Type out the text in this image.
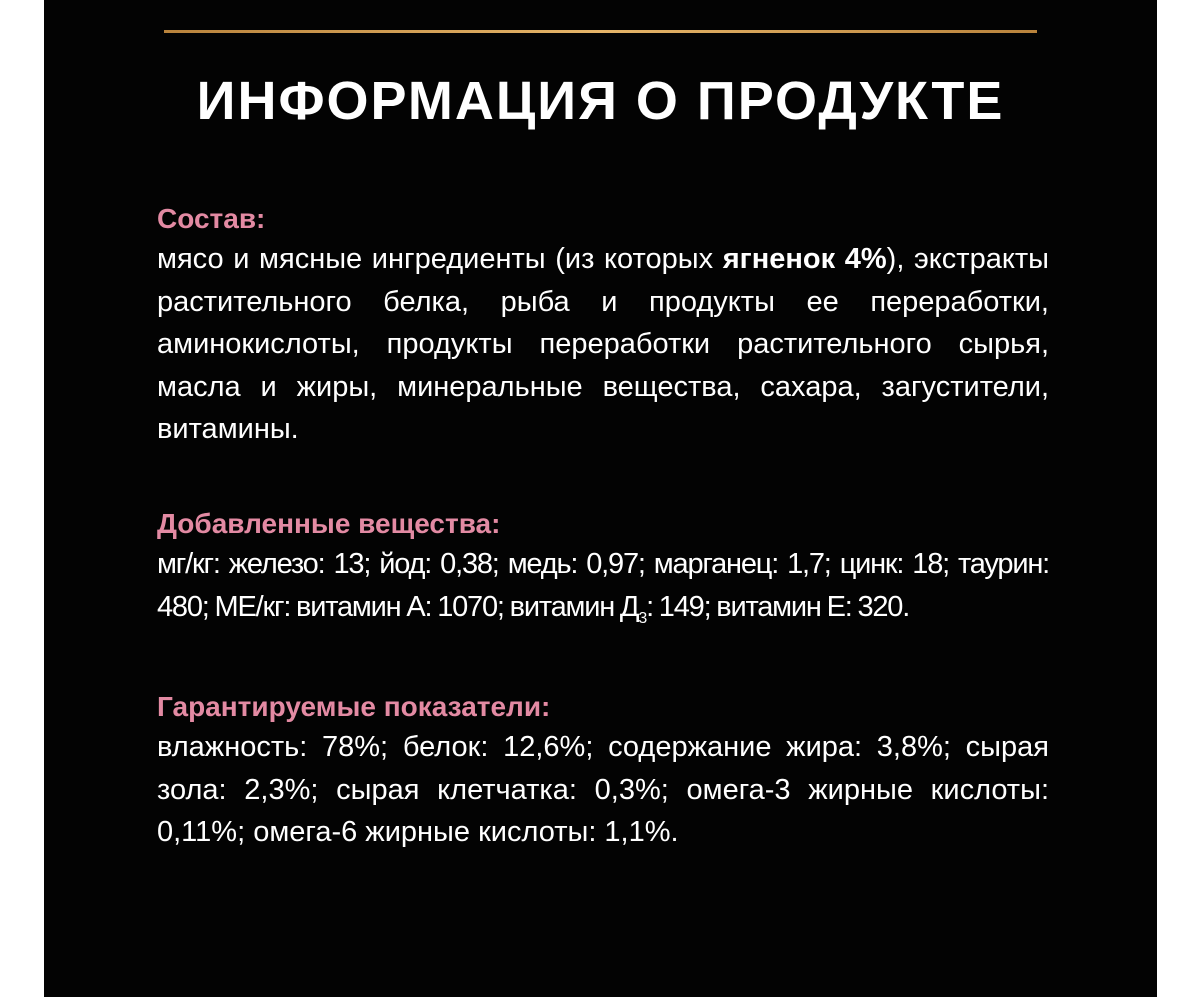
ИНФОРМАЦИЯ О ПРОДУКТЕ

Состав:

мясо и мясные ингредиенты (из которых ягненок 4%), экстракты растительного белка, рыба и продукты ее переработки, аминокислоты, продукты переработки растительного сырья, масла и жиры, минеральные вещества, сахара, загустители, витамины.

Добавленные вещества:

мг/кг: железо: 13; йод: 0,38; медь: 0,97; марганец: 1,7; цинк: 18; таурин: 480; МЕ/кг: витамин А: 1070; витамин $Д_3$: 149; витамин Е: 320.

Гарантируемые показатели:

влажность: 78%; белок: 12,6%; содержание жира: 3,8%; сырая зола: 2,3%; сырая клетчатка: 0,3%; омега-3 жирные кислоты: 0,11%; омега-6 жирные кислоты: 1,1%.
